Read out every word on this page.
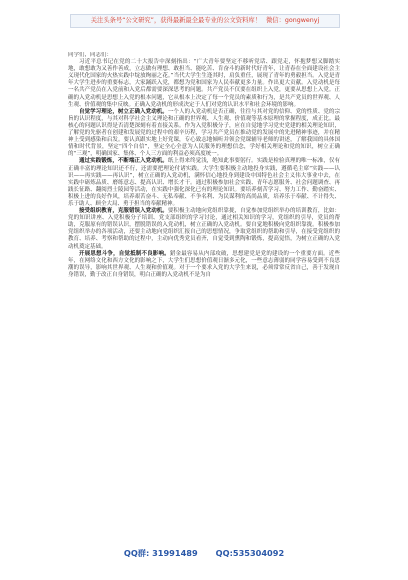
关注头条号“公文研究”，获得最新最全最专业的公文资料库！ 微信：gongwenyj

同学们，同志们：

习近平总书记在党的二十大报告中深刻指出：“广大青年要坚定不移听党话、跟党走，怀抱梦想又脚踏实地，敢想敢为又善作善成，立志做有理想、敢担当、能吃苦、肯奋斗的新时代好青年，让青春在全面建设社会主义现代化国家的火热实践中绽放绚丽之花。”当代大学生生逢其时，肩负重任，展现了青年的勇毅担当。入党是青年大学生进步的重要标志，大家踊跃入党，都想为党和国家为人民奉献更多力量。作出更大贡献。入党动机是每一名共产党员在入党前和入党后都需要深深思考的问题。共产党员不仅要在组织上入党，更要从思想上入党。正确的入党动机是思想上入党的根本问题，它从根本上决定了每一个党员的素质和行为，是共产党员的世界观、人生观、价值观的集中反映。正确入党动机的形成决定于人们对党的认识水平和社会环境的影响。

自觉学习理论，树立正确入党动机。一个人的入党动机是否正确，往往与其对党的信仰、党的性质、党的宗旨的认识程度，与其对科学社会主义理论和正确的世界观、人生观、价值观等基本原理的掌握程度，成正比。最核心的问题认识得是否清楚深刻有着直接关系。作为入党积极分子，应在自觉地学习党史党建的相关理论知识，了解党的先驱者在创建和发展党的过程中的艰辛历程，学习共产党员在推动党的发展中的先进精神事迹，并在精神上受到感染和启发。要认真跟实地上好党课，专心致志地倾听并领会党课辅导老师的讲述，了解我国的具体国情和时代背景，坚定“四个自信”，坚定全心全意为人民服务的理想信念，学好相关理论和党的知识，树立正确的“三观”，明确国家、集体、个人三方面的利益必须高度统一。

通过实践锻炼，不断端正入党动机。纸上得来终觉浅，绝知此事要躬行。实践是检验真理的唯一标准，仅有正确丰富的理论知识还不行，还需要把理论付诸实践。大学生要积极主动地投身实践，遵循毛主席“实践——认识——再实践——再认识”，树立正确的入党动机，满怀信心地投身到建设中国特色社会主义伟大事业中去，在实践中砺炼品质、磨练意志、提高认识、增长才干。通过积极参加社会实践、青年志愿服务、社会问题调查、再践长征路、翻阅烈士陵园等活动，在实践中强化深化已有的理论知识。要培养刻苦学习、努力工作、勤奋踏实、积极上进的良好作风，培养艰苦奋斗、无私奉献、不争名利、为民谋利的高尚品质，培养乐于奉献、不计得失、乐于助人、顾全大局、勇于担当的奉献精神。

接受组织教育，克服错误入党动机。要积极主动地向党组织靠拢，自觉参加党组织举办的培训教育，比如：党的知识讲座、入党积极分子培训、党支部组织的学习讨论，通过相关知识的学习，党组织的引导，党员的帮助，克服原有的错误认识，摆脱错误的入党动机，树立正确的入党动机。要自觉地积极向党组织靠拢。积极参加党组织举办的各项活动，还要主动地向党组织汇报自己的思想情况，争取党组织的帮助和引导，在接受党组织的教育、培养、考察和帮助的过程中，主动向优秀党员看齐，自觉受到熏陶和锻炼，提高觉悟，为树立正确的入党动机奠定基础。

开展思想斗争，自觉抵制不良影响。錯金最容易从内部攻破，思想建党是党的建设的一个重要方面。近些年，在网络文化和西方文化的影响之下，大学生们思想价值观日渐多元化，一些意志薄弱的同学容易受到不良思潮的误导，影响其世界观、人生观和价值观。对于一个要求入党的大学生来说，必须常常反省自己，善于发现自身错误，勤于改正自身错误，明白正确的入党动机不是为自

QQ群: 31991489 QQ:535304092
